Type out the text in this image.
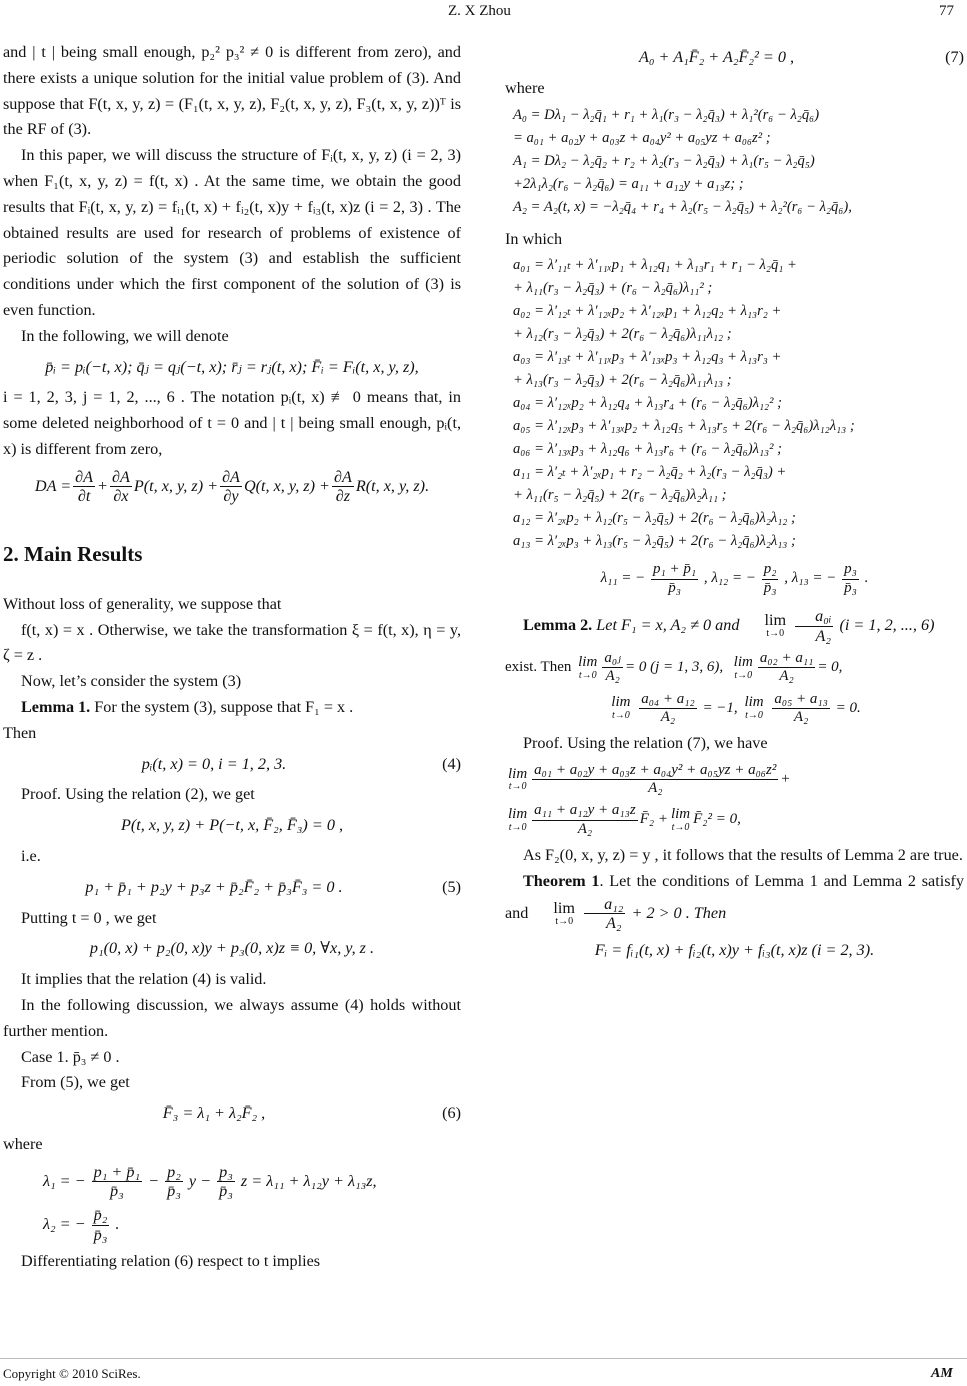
Z. X Zhou	77

and | t | being small enough, p₂² p₃² ≠ 0 is different from zero), and there exists a unique solution for the initial value problem of (3). And suppose that F(t, x, y, z) = (F₁(t, x, y, z), F₂(t, x, y, z), F₃(t, x, y, z))ᵀ is the RF of (3).

In this paper, we will discuss the structure of Fᵢ(t, x, y, z) (i = 2, 3) when F₁(t, x, y, z) = f(t, x) . At the same time, we obtain the good results that Fᵢ(t, x, y, z) = fᵢ₁(t, x) + fᵢ₂(t, x)y + fᵢ₃(t, x)z (i = 2, 3) . The obtained results are used for research of problems of existence of periodic solution of the system (3) and establish the sufficient conditions under which the first component of the solution of (3) is even function.

In the following, we will denote

p̄ᵢ = pᵢ(−t, x); q̄ⱼ = qⱼ(−t, x); r̄ⱼ = rⱼ(t, x); F̄ᵢ = Fᵢ(t, x, y, z),

i = 1, 2, 3, j = 1, 2, ..., 6 . The notation pᵢ(t, x) ≢ 0 means that, in some deleted neighborhood of t = 0 and | t | being small enough, pᵢ(t, x) is different from zero,

DA = $\frac{\partial A}{\partial t} + \frac{\partial A}{\partial x} P(t$, x, y, $z) + \frac{\partial A}{\partial y} Q(t$, x, y, $z) + \frac{\partial A}{\partial z} R(t$, x, y, z).
2. Main Results

Without loss of generality, we suppose that

f(t, x) = x . Otherwise, we take the transformation ξ = f(t, x), η = y, ζ = z .

Now, let’s consider the system (3)

Lemma 1. For the system (3), suppose that F₁ = x .

Then

pᵢ(t, x) = 0, i = 1, 2, 3.	(4)

Proof. Using the relation (2), we get

P(t, x, y, z) + P(−t, x, F̄₂, F̄₃) = 0 ,

i.e.

p₁ + p̄₁ + p₂y + p₃z + p̄₂F̄₂ + p̄₃F̄₃ = 0 .	(5)

Putting t = 0 , we get

p₁(0, x) + p₂(0, x)y + p₃(0, x)z ≡ 0, ∀x, y, z .

It implies that the relation (4) is valid.

In the following discussion, we always assume (4) holds without further mention.

Case 1. p̄₃ ≠ 0 .

From (5), we get

F̄₃ = λ₁ + λ₂F̄₂ ,	(6)

where

λ₁ = − $\frac{\text{p₁ + p̄₁}}{\text{p̄₃}} - \frac{\text{p₂}}{\text{p̄₃}}$ $y - \frac{\text{p₃}}{\text{p̄₃}}$ z = λ₁₁ + λ₁₂y + λ₁₃z,
λ₂ = − $\frac{\text{p̄₂}}{\text{p̄₃}}$ .

Differentiating relation (6) respect to t implies

A₀ + A₁F̄₂ + A₂F̄₂² = 0 ,	(7)

where

A₀ = Dλ₁ − λ₂q̄₁ + r₁ + λ₁(r₃ − λ₂q̄₃) + λ₁²(r₆ − λ₂q̄₆)
= a₀₁ + a₀₂y + a₀₃z + a₀₄y² + a₀₅yz + a₀₆z² ;
A₁ = Dλ₂ − λ₂q̄₂ + r₂ + λ₂(r₃ − λ₂q̄₃) + λ₁(r₅ − λ₂q̄₅)
+2λ₁λ₂(r₆ − λ₂q̄₆) = a₁₁ + a₁₂y + a₁₃z; ;
A₂ = A₂(t, x) = −λ₂q̄₄ + r₄ + λ₂(r₅ − λ₂q̄₅) + λ₂²(r₆ − λ₂q̄₆),

In which

a₀₁ = λ′₁₁ₜ + λ′₁₁ₓp₁ + λ₁₂q₁ + λ₁₃r₁ + r₁ − λ₂q̄₁ +
+ λ₁₁(r₃ − λ₂q̄₃) + (r₆ − λ₂q̄₆)λ₁₁² ;
a₀₂ = λ′₁₂ₜ + λ′₁₂ₓp₂ + λ′₁₂ₓp₁ + λ₁₂q₂ + λ₁₃r₂ +
+ λ₁₂(r₃ − λ₂q̄₃) + 2(r₆ − λ₂q̄₆)λ₁₁λ₁₂ ;
a₀₃ = λ′₁₃ₜ + λ′₁₁ₓp₃ + λ′₁₃ₓp₃ + λ₁₂q₃ + λ₁₃r₃ +
+ λ₁₃(r₃ − λ₂q̄₃) + 2(r₆ − λ₂q̄₆)λ₁₁λ₁₃ ;
a₀₄ = λ′₁₂ₓp₂ + λ₁₂q₄ + λ₁₃r₄ + (r₆ − λ₂q̄₆)λ₁₂² ;
a₀₅ = λ′₁₂ₓp₃ + λ′₁₃ₓp₂ + λ₁₂q₅ + λ₁₃r₅ + 2(r₆ − λ₂q̄₆)λ₁₂λ₁₃ ;
a₀₆ = λ′₁₃ₓp₃ + λ₁₂q₆ + λ₁₃r₆ + (r₆ − λ₂q̄₆)λ₁₃² ;
a₁₁ = λ′₂ₜ + λ′₂ₓp₁ + r₂ − λ₂q̄₂ + λ₂(r₃ − λ₂q̄₃) +
+ λ₁₁(r₅ − λ₂q̄₅) + 2(r₆ − λ₂q̄₆)λ₂λ₁₁ ;
a₁₂ = λ′₂ₓp₂ + λ₁₂(r₅ − λ₂q̄₅) + 2(r₆ − λ₂q̄₆)λ₂λ₁₂ ;
a₁₃ = λ′₂ₓp₃ + λ₁₃(r₅ − λ₂q̄₅) + 2(r₆ − λ₂q̄₆)λ₂λ₁₃ ;
λ₁₁ = − $\frac{\text{p₁ + p̄₁}}{\text{p̄₃}}$ , λ₁₂ = − $\frac{\text{p₂}}{\text{p̄₃}}$ , λ₁₃ = − $\frac{\text{p₃}}{\text{p̄₃}}$ .

Lemma 2. Let F₁ = x, A₂ ≠ 0 and lim
t→0
$\frac{\text{a₀ᵢ}}{\text{A₂}} (i = 1$, 2, ..., 6)

exist. Then
lim
$t\to 0 \frac{\text{a₀ⱼ}}{\text{A₂}} = 0$ (j = 1, 3, 6),
lim
$t\to 0 \frac{\text{a₀₂ + a₁₁}}{\text{A₂}} = 0$,
lim
t→0
$\frac{\text{a₀₄ + a₁₂}}{\text{A₂}} = -1$, lim
t→0
$\frac{\text{a₀₅ + a₁₃}}{\text{A₂}} = 0$.

Proof. Using the relation (7), we have

lim
$t\to 0 \frac{\text{a₀₁ + a₀₂y + a₀₃z + a₀₄y² + a₀₅yz + a₀₆z²}}{\text{A₂}}$ +
lim
$t\to 0 \frac{\text{a₁₁ + a₁₂y + a₁₃z}}{\text{A₂}}$ F̄₂ + lim
t→0
F̄₂² = 0,

As F₂(0, x, y, z) = y , it follows that the results of Lemma 2 are true.

Theorem 1. Let the conditions of Lemma 1 and Lemma 2 satisfy and lim
t→0
$\frac{\text{a₁₂}}{\text{A₂}} + 2 > 0$ . Then

Fᵢ = fᵢ₁(t, x) + fᵢ₂(t, x)y + fᵢ₃(t, x)z (i = 2, 3).
Copyright © 2010 SciRes.	AM
